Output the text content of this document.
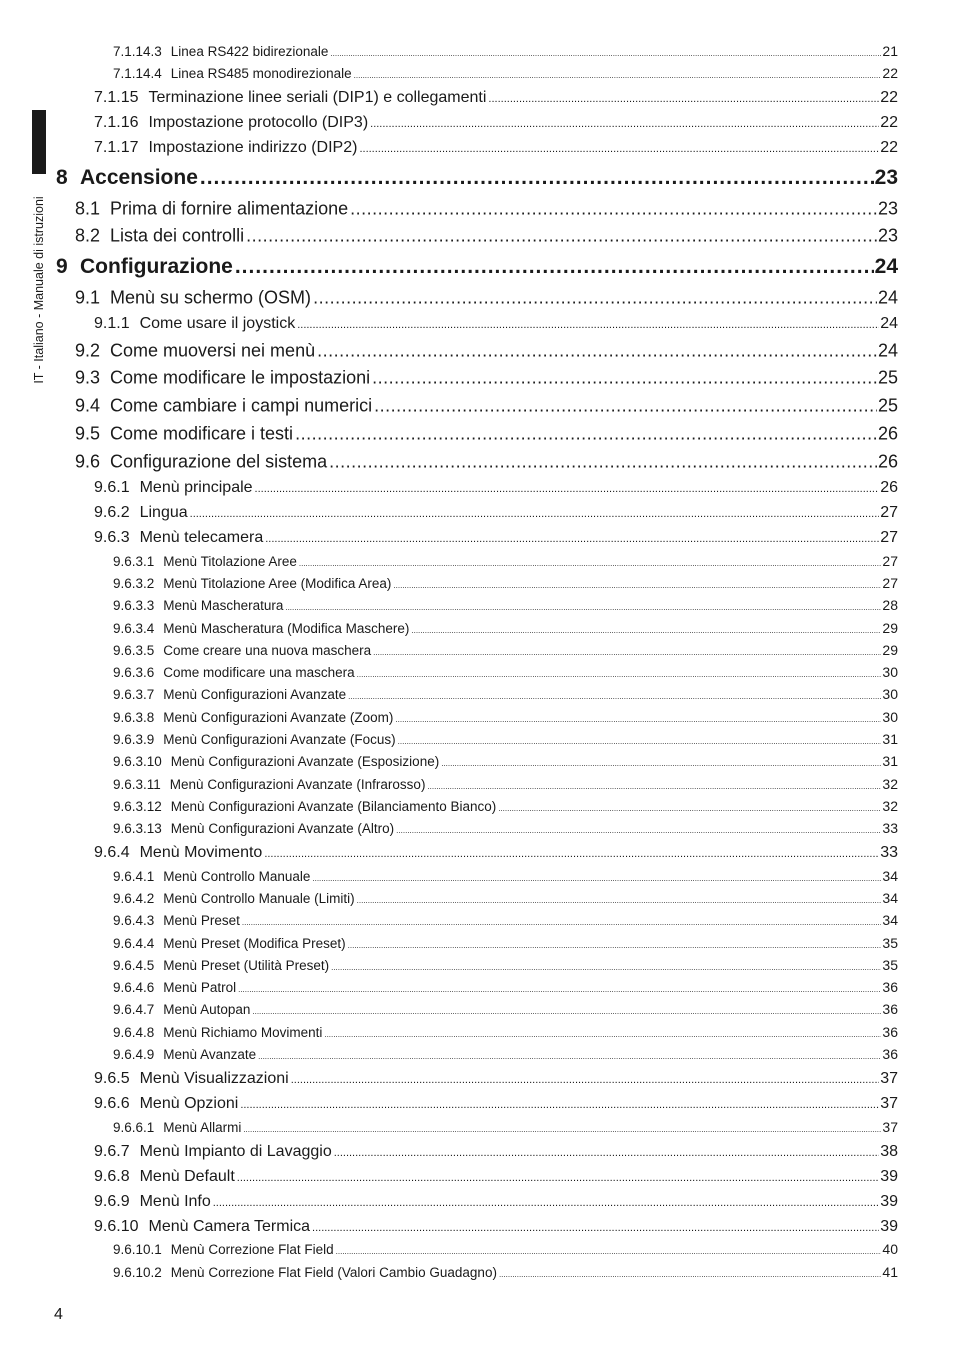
IT - Italiano - Manuale di istruzioni
7.1.14.3 Linea RS422 bidirezionale .....	21
7.1.14.4 Linea RS485 monodirezionale .....	22
7.1.15 Terminazione linee seriali (DIP1) e collegamenti .....	22
7.1.16 Impostazione protocollo (DIP3) .....	22
7.1.17 Impostazione indirizzo (DIP2) .....	22
8 Accensione .....	23
8.1 Prima di fornire alimentazione .....	23
8.2 Lista dei controlli .....	23
9 Configurazione .....	24
9.1 Menù su schermo (OSM) .....	24
9.1.1 Come usare il joystick .....	24
9.2 Come muoversi nei menù .....	24
9.3 Come modificare le impostazioni .....	25
9.4 Come cambiare i campi numerici .....	25
9.5 Come modificare i testi .....	26
9.6 Configurazione del sistema .....	26
9.6.1 Menù principale .....	26
9.6.2 Lingua .....	27
9.6.3 Menù telecamera .....	27
9.6.3.1 Menù Titolazione Aree .....	27
9.6.3.2 Menù Titolazione Aree (Modifica Area) .....	27
9.6.3.3 Menù Mascheratura .....	28
9.6.3.4 Menù Mascheratura (Modifica Maschere) .....	29
9.6.3.5 Come creare una nuova maschera .....	29
9.6.3.6 Come modificare una maschera .....	30
9.6.3.7 Menù Configurazioni Avanzate .....	30
9.6.3.8 Menù Configurazioni Avanzate (Zoom) .....	30
9.6.3.9 Menù Configurazioni Avanzate (Focus) .....	31
9.6.3.10 Menù Configurazioni Avanzate (Esposizione) .....	31
9.6.3.11 Menù Configurazioni Avanzate (Infrarosso) .....	32
9.6.3.12 Menù Configurazioni Avanzate (Bilanciamento Bianco) .....	32
9.6.3.13 Menù Configurazioni Avanzate (Altro) .....	33
9.6.4 Menù Movimento .....	33
9.6.4.1 Menù Controllo Manuale .....	34
9.6.4.2 Menù Controllo Manuale (Limiti) .....	34
9.6.4.3 Menù Preset .....	34
9.6.4.4 Menù Preset (Modifica Preset) .....	35
9.6.4.5 Menù Preset (Utilità Preset) .....	35
9.6.4.6 Menù Patrol .....	36
9.6.4.7 Menù Autopan .....	36
9.6.4.8 Menù Richiamo Movimenti .....	36
9.6.4.9 Menù Avanzate .....	36
9.6.5 Menù Visualizzazioni .....	37
9.6.6 Menù Opzioni .....	37
9.6.6.1 Menù Allarmi .....	37
9.6.7 Menù Impianto di Lavaggio .....	38
9.6.8 Menù Default .....	39
9.6.9 Menù Info .....	39
9.6.10 Menù Camera Termica .....	39
9.6.10.1 Menù Correzione Flat Field .....	40
9.6.10.2 Menù Correzione Flat Field (Valori Cambio Guadagno) .....	41
4
